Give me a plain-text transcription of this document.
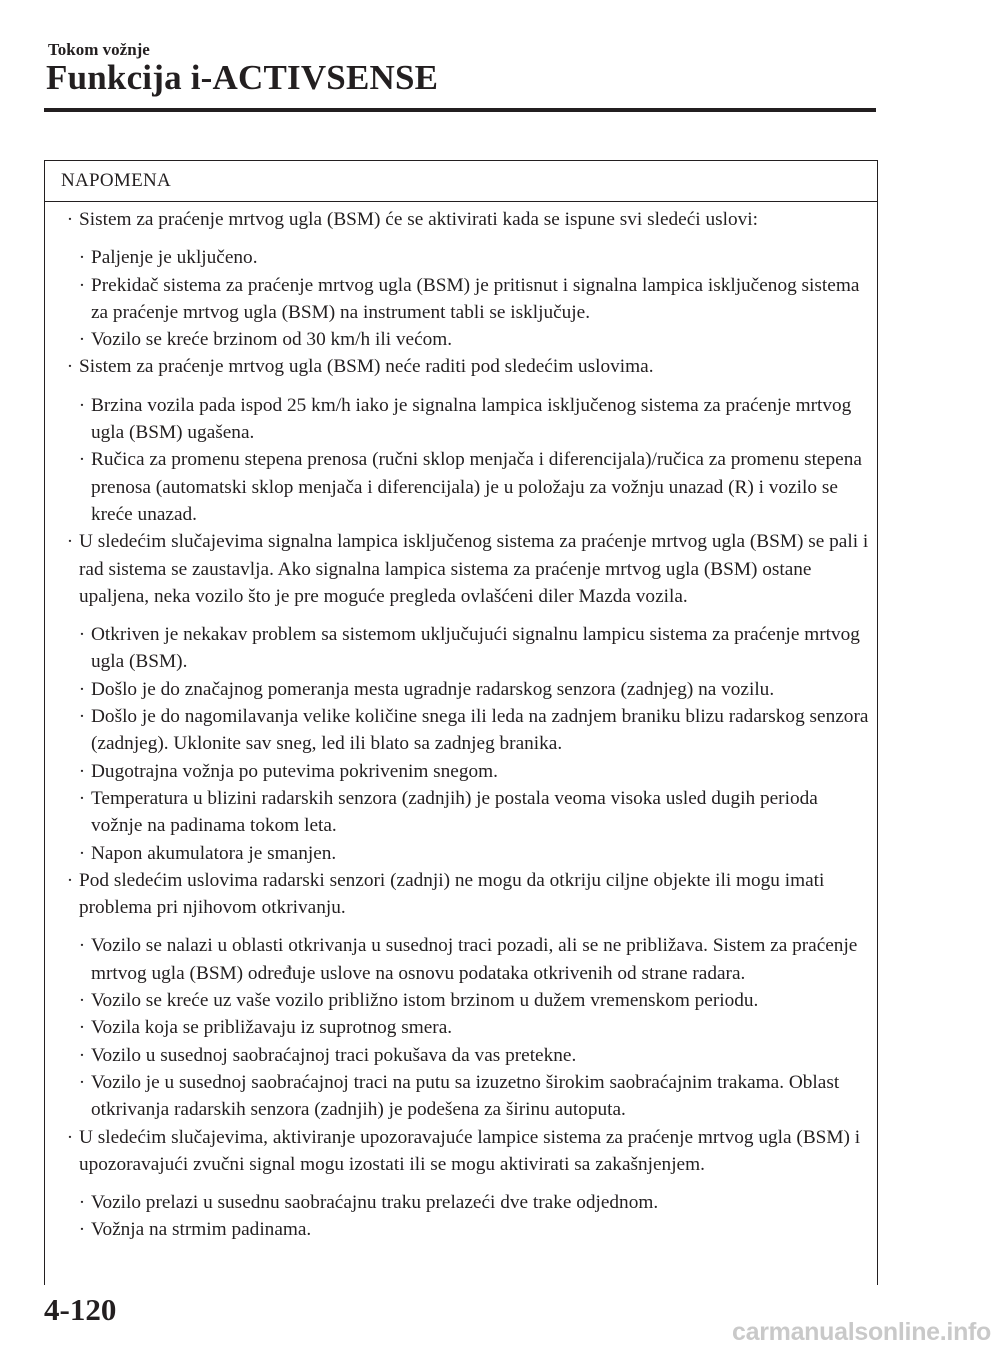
Tokom vožnje
Funkcija i-ACTIVSENSE
NAPOMENA
· Sistem za praćenje mrtvog ugla (BSM) će se aktivirati kada se ispune svi sledeći uslovi:
· Paljenje je uključeno.
· Prekidač sistema za praćenje mrtvog ugla (BSM) je pritisnut i signalna lampica isključenog sistema za praćenje mrtvog ugla (BSM) na instrument tabli se isključuje.
· Vozilo se kreće brzinom od 30 km/h ili većom.
· Sistem za praćenje mrtvog ugla (BSM) neće raditi pod sledećim uslovima.
· Brzina vozila pada ispod 25 km/h iako je signalna lampica isključenog sistema za praćenje mrtvog ugla (BSM) ugašena.
· Ručica za promenu stepena prenosa (ručni sklop menjača i diferencijala)/ručica za promenu stepena prenosa (automatski sklop menjača i diferencijala) je u položaju za vožnju unazad (R) i vozilo se kreće unazad.
· U sledećim slučajevima signalna lampica isključenog sistema za praćenje mrtvog ugla (BSM) se pali i rad sistema se zaustavlja. Ako signalna lampica sistema za praćenje mrtvog ugla (BSM) ostane upaljena, neka vozilo što je pre moguće pregleda ovlašćeni diler Mazda vozila.
· Otkriven je nekakav problem sa sistemom uključujući signalnu lampicu sistema za praćenje mrtvog ugla (BSM).
· Došlo je do značajnog pomeranja mesta ugradnje radarskog senzora (zadnjeg) na vozilu.
· Došlo je do nagomilavanja velike količine snega ili leda na zadnjem braniku blizu radarskog senzora (zadnjeg). Uklonite sav sneg, led ili blato sa zadnjeg branika.
· Dugotrajna vožnja po putevima pokrivenim snegom.
· Temperatura u blizini radarskih senzora (zadnjih) je postala veoma visoka usled dugih perioda vožnje na padinama tokom leta.
· Napon akumulatora je smanjen.
· Pod sledećim uslovima radarski senzori (zadnji) ne mogu da otkriju ciljne objekte ili mogu imati problema pri njihovom otkrivanju.
· Vozilo se nalazi u oblasti otkrivanja u susednoj traci pozadi, ali se ne približava. Sistem za praćenje mrtvog ugla (BSM) određuje uslove na osnovu podataka otkrivenih od strane radara.
· Vozilo se kreće uz vaše vozilo približno istom brzinom u dužem vremenskom periodu.
· Vozila koja se približavaju iz suprotnog smera.
· Vozilo u susednoj saobraćajnoj traci pokušava da vas pretekne.
· Vozilo je u susednoj saobraćajnoj traci na putu sa izuzetno širokim saobraćajnim trakama. Oblast otkrivanja radarskih senzora (zadnjih) je podešena za širinu autoputa.
· U sledećim slučajevima, aktiviranje upozoravajuće lampice sistema za praćenje mrtvog ugla (BSM) i upozoravajući zvučni signal mogu izostati ili se mogu aktivirati sa zakašnjenjem.
· Vozilo prelazi u susednu saobraćajnu traku prelazeći dve trake odjednom.
· Vožnja na strmim padinama.
4-120
carmanualsonline.info
